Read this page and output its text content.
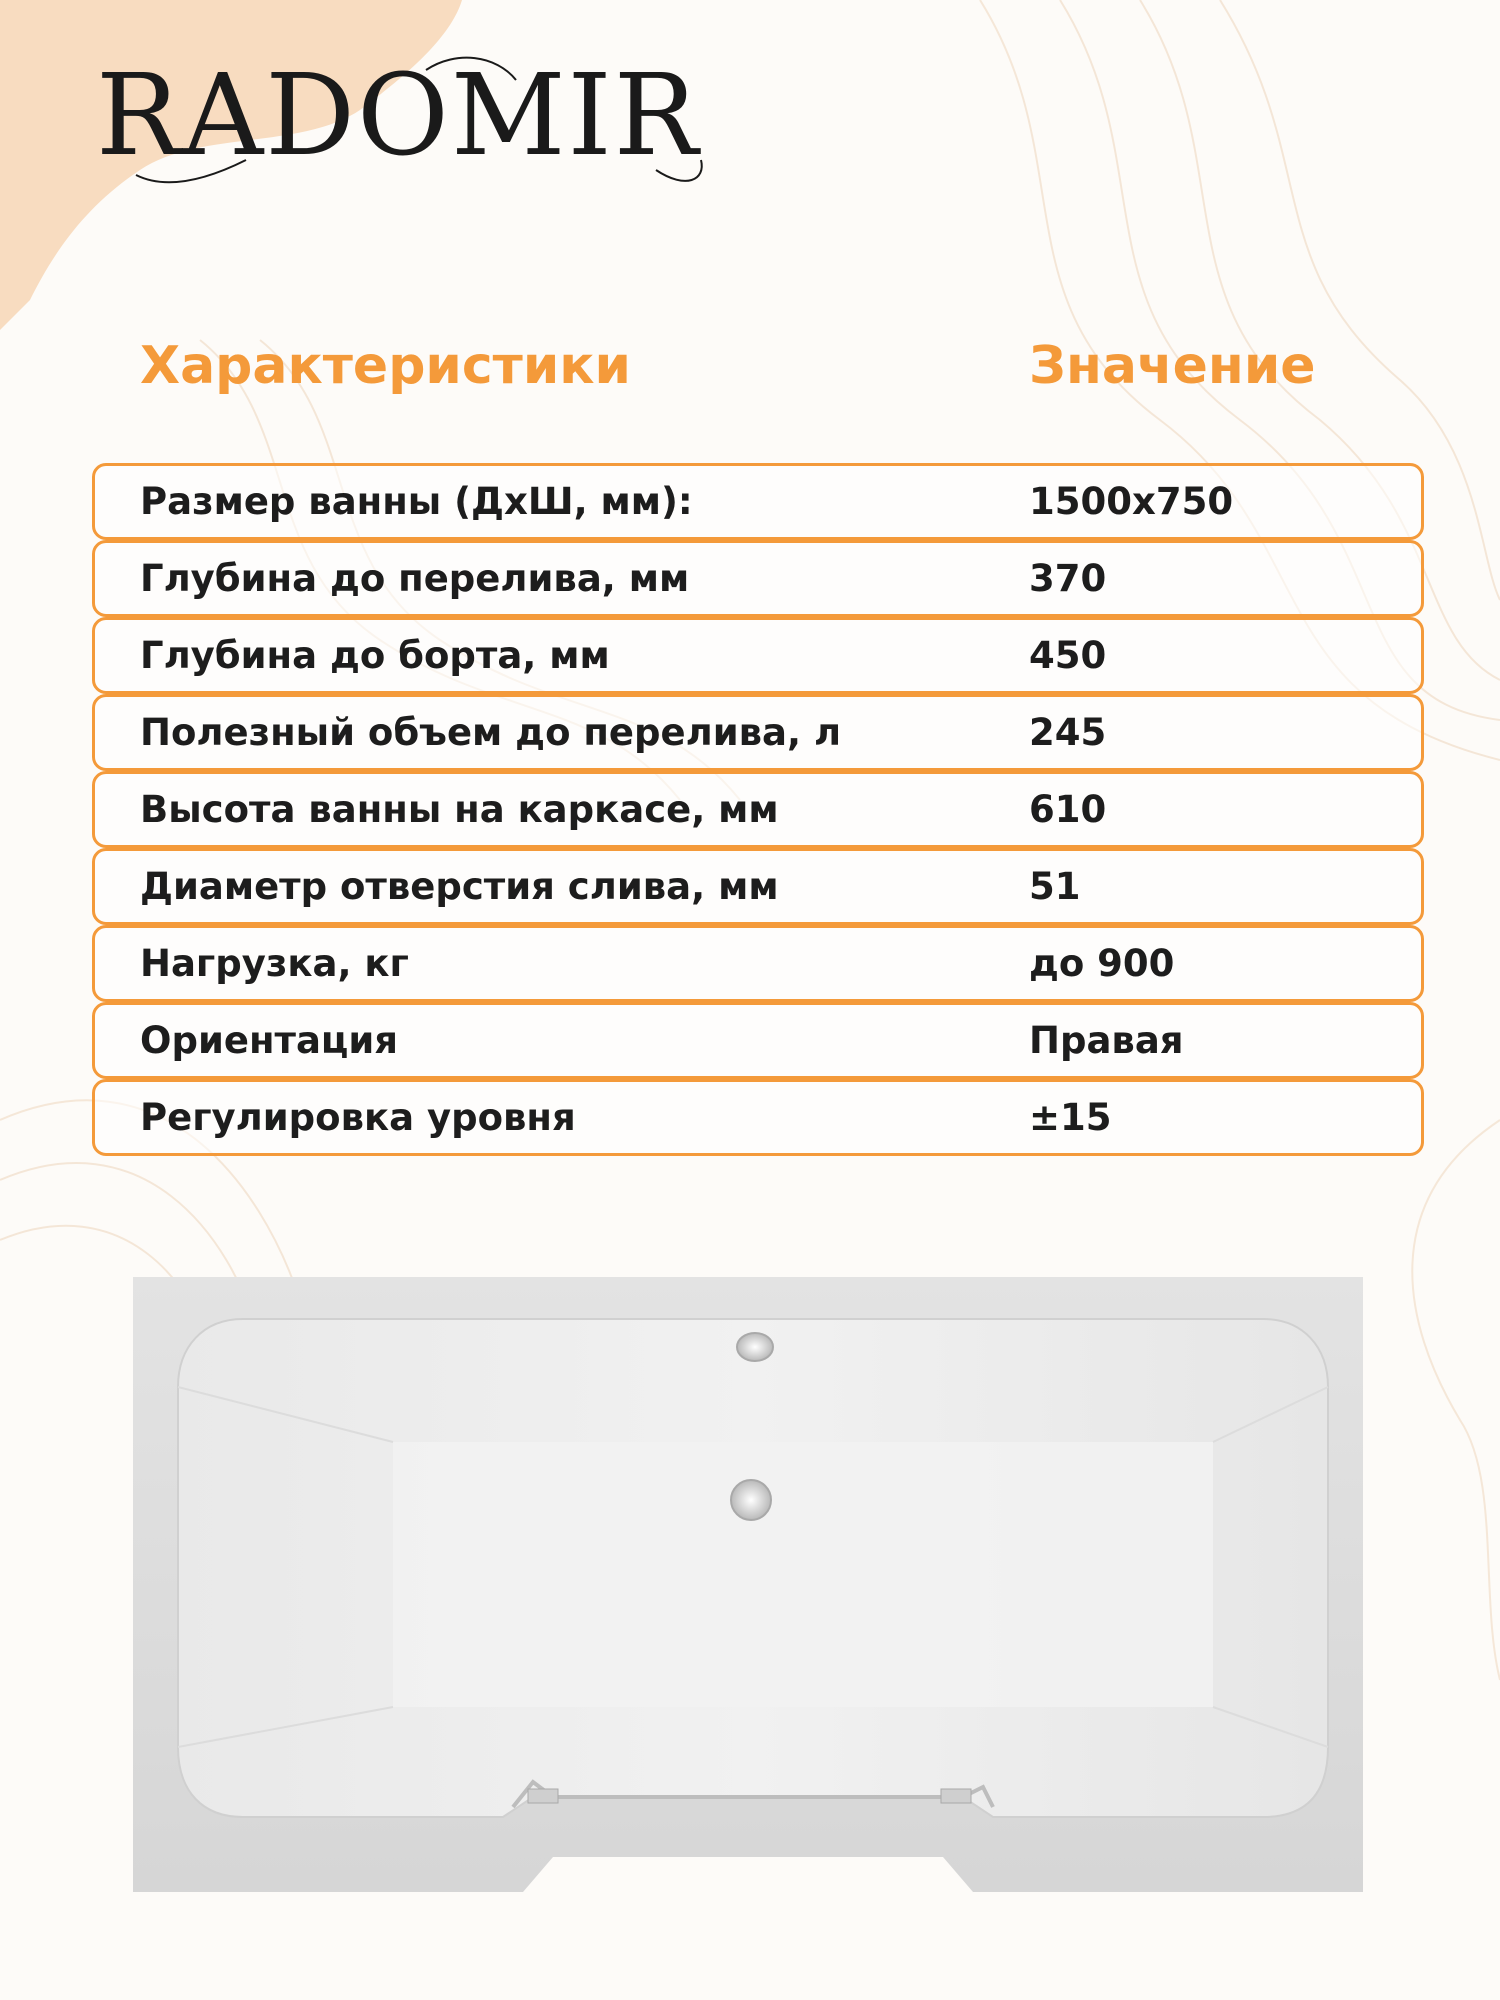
RADOMIR
Характеристики	Значение
Размер ванны (ДхШ, мм):	1500х750
Глубина до перелива, мм	370
Глубина до борта, мм	450
Полезный объем до перелива, л	245
Высота ванны на каркасе, мм	610
Диаметр отверстия слива, мм	51
Нагрузка, кг	до 900
Ориентация	Правая
Регулировка уровня	±15
